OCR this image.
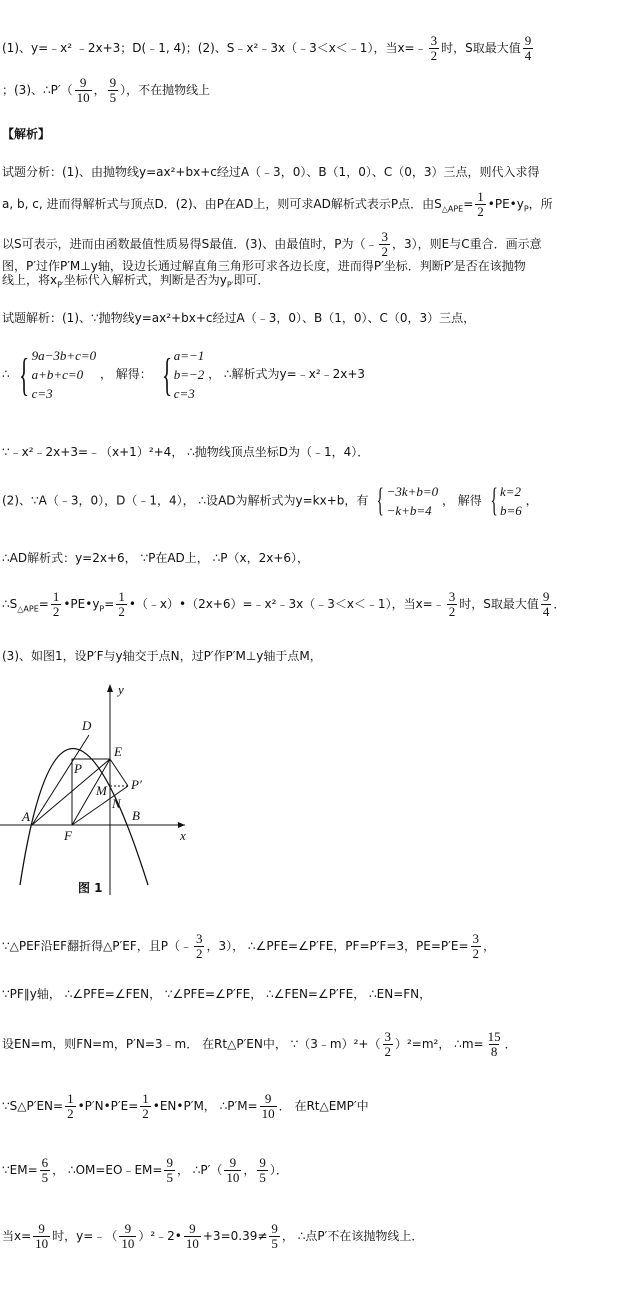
(1)、y=﹣x² ﹣2x+3；D(﹣1, 4)；(2)、S﹣x²﹣3x（﹣3＜x＜﹣1），当x=﹣ $\frac{3}{2}$ 时，S取最大值 $\frac{9}{4}$
；(3)、∴P′（ $\frac{9}{10}$ ， $\frac{9}{5}$ ），不在抛物线上
【解析】
试题分析：(1)、由抛物线y=ax²+bx+c经过A（﹣3，0）、B（1，0）、C（0，3）三点，则代入求得
a, b, c, 进而得解析式与顶点D．(2)、由P在AD上，则可求AD解析式表示P点．由$S_{\triangle APE}= \frac{1}{2}$ $•PE•y_P$，所
以S可表示，进而由函数最值性质易得S最值．(3)、由最值时，P为（﹣ $\frac{3}{2}$ ，3），则E与C重合．画示意
图，P′过作P′M⊥y轴，设边长通过解直角三角形可求各边长度，进而得P′坐标．判断P′是否在该抛物
线上，将$x_{P'}$坐标代入解析式，判断是否为$y_{P'}$即可．
试题解析：(1)、∵抛物线y=ax²+bx+c经过A（﹣3，0）、B（1，0）、C（0，3）三点，
∴ { 9a−3b+c=0
a+b+c=0
c=3
， 解得： { a=−1
b=−2
c=3
， ∴解析式为y=﹣x²﹣2x+3
∵﹣x²﹣2x+3=﹣（x+1）²+4， ∴抛物线顶点坐标D为（﹣1，4）．
(2)、∵A（﹣3，0），D（﹣1，4）， ∴设AD为解析式为y=kx+b，有 { −3k+b=0
−k+b=4
， 解得 { k=2
b=6
，
∴AD解析式：y=2x+6， ∵P在AD上， ∴P（x，2x+6），
$\therefore S_{\triangle APE}= \frac{1}{2}$ $•PE•y_P= \frac{1}{2}$ •（﹣x）•（2x+6）=﹣x²﹣3x（﹣3＜x＜﹣1），当x=﹣ $\frac{3}{2}$ 时，S取最大值 $\frac{9}{4}$ ．
(3)、如图1，设P′F与y轴交于点N，过P′作P′M⊥y轴于点M，
y
x
D
E
P
M P′
N
A	B
F
图 1
∵△PEF沿EF翻折得△P′EF，且P（﹣ $\frac{3}{2}$ ，3）， ∴∠PFE=∠P′FE，PF=P′F=3，$PE=P'E= \frac{3}{2}$ ，
∵PF∥y轴， ∴∠PFE=∠FEN， ∵∠PFE=∠P′FE， ∴∠FEN=∠P′FE， ∴EN=FN，
设EN=m，则FN=m，P′N=3﹣m． 在Rt△P′EN中， ∵（3﹣m）²+（ $\frac{3}{2} )^2=m^2$， ∴m= $\frac{15}{8}$ ．
∵S△P′EN= $\frac{1}{2}$ •P′N•P′E= $\frac{1}{2}$ •EN•P′M， ∴P′M= $\frac{9}{10}$ ． 在Rt△EMP′中
∵EM= $\frac{6}{5}$ ， ∴OM=EO﹣EM= $\frac{9}{5}$ ， ∴P′（ $\frac{9}{10}$ ， $\frac{9}{5}$ ）．
当$x= \frac{9}{10}$ 时，y=﹣（ $\frac{9}{10}$ ）²﹣2• $\frac{9}{10} +3=0.39\ne \frac{9}{5}$ ， ∴点P′不在该抛物线上．
